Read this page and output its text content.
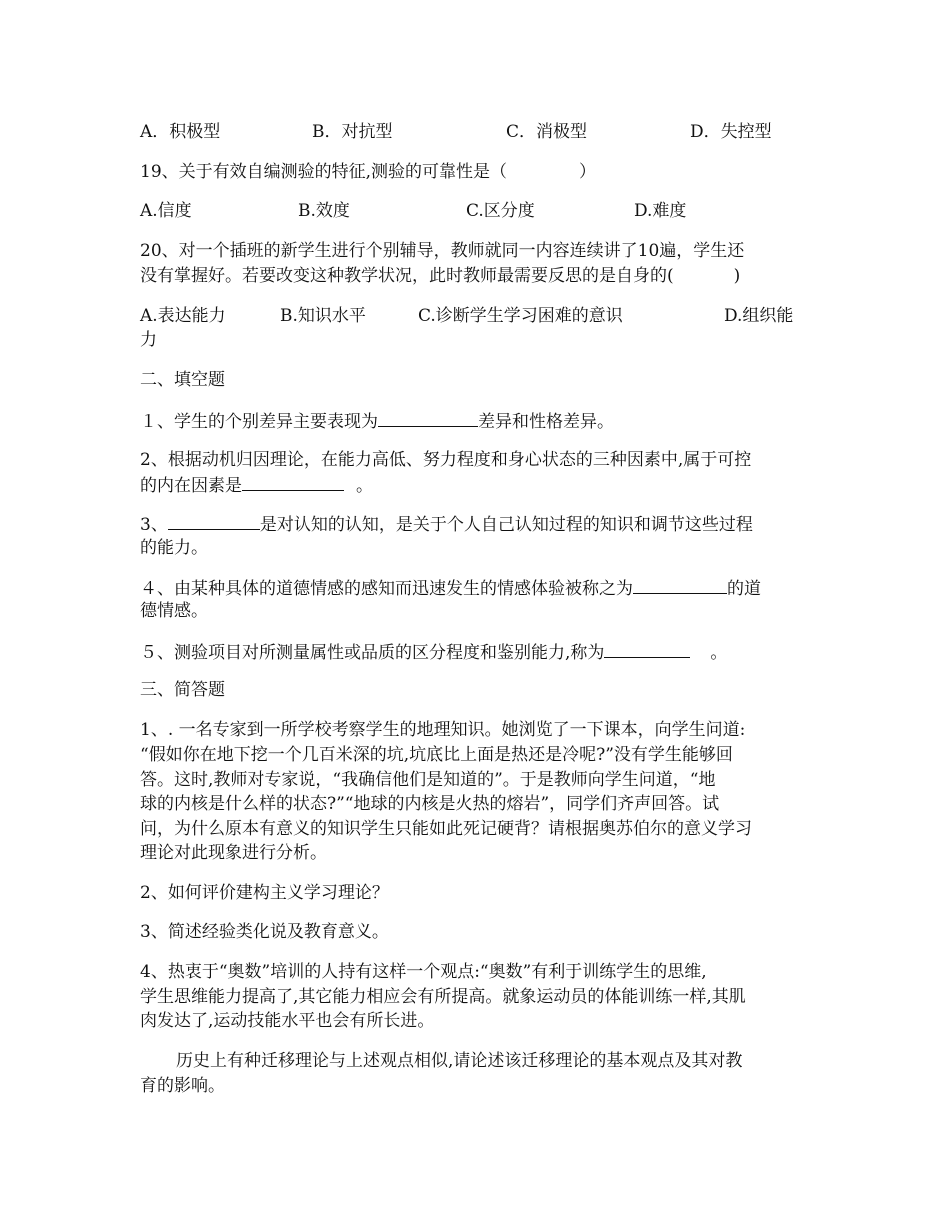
A．积极型	B．对抗型	C．消极型	D．失控型
19、关于有效自编测验的特征,测验的可靠性是（	）
A.信度	B.效度	C.区分度	D.难度
20、对一个插班的新学生进行个别辅导，教师就同一内容连续讲了10遍，学生还
没有掌握好。若要改变这种教学状况，此时教师最需要反思的是自身的(	)
A.表达能力	B.知识水平	C.诊断学生学习困难的意识	D.组织能
力
二、填空题
１、学生的个别差异主要表现为	差异和性格差异。
2、根据动机归因理论，在能力高低、努力程度和身心状态的三种因素中,属于可控
的内在因素是	。
3、	是对认知的认知，是关于个人自己认知过程的知识和调节这些过程
的能力。
４、由某种具体的道德情感的感知而迅速发生的情感体验被称之为	的道
德情感。
５、测验项目对所测量属性或品质的区分程度和鉴别能力,称为	。
三、简答题
1、. 一名专家到一所学校考察学生的地理知识。她浏览了一下课本，向学生问道:
“假如你在地下挖一个几百米深的坑,坑底比上面是热还是冷呢?”没有学生能够回
答。这时,教师对专家说，“我确信他们是知道的”。于是教师向学生问道，“地
球的内核是什么样的状态?”“地球的内核是火热的熔岩”，同学们齐声回答。试
问，为什么原本有意义的知识学生只能如此死记硬背？请根据奥苏伯尔的意义学习
理论对此现象进行分析。
2、如何评价建构主义学习理论？
3、简述经验类化说及教育意义。
4、热衷于“奥数”培训的人持有这样一个观点:“奥数”有利于训练学生的思维,
学生思维能力提高了,其它能力相应会有所提高。就象运动员的体能训练一样,其肌
肉发达了,运动技能水平也会有所长进。
历史上有种迁移理论与上述观点相似,请论述该迁移理论的基本观点及其对教
育的影响。
